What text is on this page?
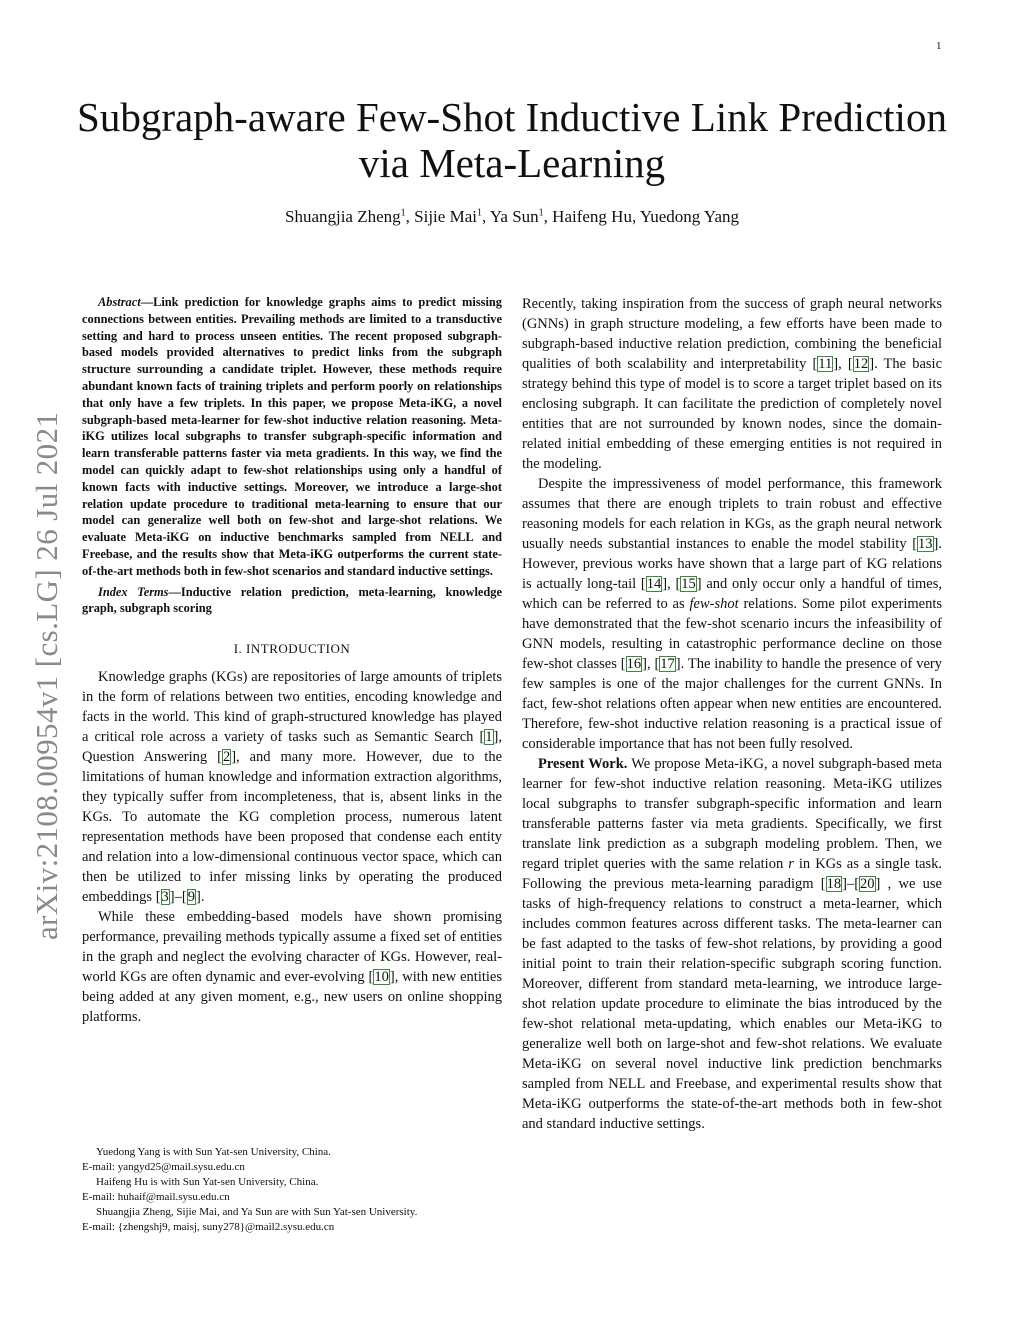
1
arXiv:2108.00954v1 [cs.LG] 26 Jul 2021
Subgraph-aware Few-Shot Inductive Link Prediction
via Meta-Learning
Shuangjia Zheng$^1$, Sijie Mai$^1$, Ya Sun$^1$, Haifeng Hu, Yuedong Yang

Abstract—Link prediction for knowledge graphs aims to predict missing connections between entities. Prevailing methods are limited to a transductive setting and hard to process unseen entities. The recent proposed subgraph-based models provided alternatives to predict links from the subgraph structure surrounding a candidate triplet. However, these methods require abundant known facts of training triplets and perform poorly on relationships that only have a few triplets. In this paper, we propose Meta-iKG, a novel subgraph-based meta-learner for few-shot inductive relation reasoning. Meta-iKG utilizes local subgraphs to transfer subgraph-specific information and learn transferable patterns faster via meta gradients. In this way, we find the model can quickly adapt to few-shot relationships using only a handful of known facts with inductive settings. Moreover, we introduce a large-shot relation update procedure to traditional meta-learning to ensure that our model can generalize well both on few-shot and large-shot relations. We evaluate Meta-iKG on inductive benchmarks sampled from NELL and Freebase, and the results show that Meta-iKG outperforms the current state-of-the-art methods both in few-shot scenarios and standard inductive settings.

Index Terms—Inductive relation prediction, meta-learning, knowledge graph, subgraph scoring

I. INTRODUCTION

Knowledge graphs (KGs) are repositories of large amounts of triplets in the form of relations between two entities, encoding knowledge and facts in the world. This kind of graph-structured knowledge has played a critical role across a variety of tasks such as Semantic Search [1], Question Answering [2], and many more. However, due to the limitations of human knowledge and information extraction algorithms, they typically suffer from incompleteness, that is, absent links in the KGs. To automate the KG completion process, numerous latent representation methods have been proposed that condense each entity and relation into a low-dimensional continuous vector space, which can then be utilized to infer missing links by operating the produced embeddings [3]–[9].

While these embedding-based models have shown promising performance, prevailing methods typically assume a fixed set of entities in the graph and neglect the evolving character of KGs. However, real-world KGs are often dynamic and ever-evolving [10], with new entities being added at any given moment, e.g., new users on online shopping platforms.

Recently, taking inspiration from the success of graph neural networks (GNNs) in graph structure modeling, a few efforts have been made to subgraph-based inductive relation prediction, combining the beneficial qualities of both scalability and interpretability [11], [12]. The basic strategy behind this type of model is to score a target triplet based on its enclosing subgraph. It can facilitate the prediction of completely novel entities that are not surrounded by known nodes, since the domain-related initial embedding of these emerging entities is not required in the modeling.

Despite the impressiveness of model performance, this framework assumes that there are enough triplets to train robust and effective reasoning models for each relation in KGs, as the graph neural network usually needs substantial instances to enable the model stability [13]. However, previous works have shown that a large part of KG relations is actually long-tail [14], [15] and only occur only a handful of times, which can be referred to as few-shot relations. Some pilot experiments have demonstrated that the few-shot scenario incurs the infeasibility of GNN models, resulting in catastrophic performance decline on those few-shot classes [16], [17]. The inability to handle the presence of very few samples is one of the major challenges for the current GNNs. In fact, few-shot relations often appear when new entities are encountered. Therefore, few-shot inductive relation reasoning is a practical issue of considerable importance that has not been fully resolved.

Present Work. We propose Meta-iKG, a novel subgraph-based meta learner for few-shot inductive relation reasoning. Meta-iKG utilizes local subgraphs to transfer subgraph-specific information and learn transferable patterns faster via meta gradients. Specifically, we first translate link prediction as a subgraph modeling problem. Then, we regard triplet queries with the same relation r in KGs as a single task. Following the previous meta-learning paradigm [18]–[20] , we use tasks of high-frequency relations to construct a meta-learner, which includes common features across different tasks. The meta-learner can be fast adapted to the tasks of few-shot relations, by providing a good initial point to train their relation-specific subgraph scoring function. Moreover, different from standard meta-learning, we introduce large-shot relation update procedure to eliminate the bias introduced by the few-shot relational meta-updating, which enables our Meta-iKG to generalize well both on large-shot and few-shot relations. We evaluate Meta-iKG on several novel inductive link prediction benchmarks sampled from NELL and Freebase, and experimental results show that Meta-iKG outperforms the state-of-the-art methods both in few-shot and standard inductive settings.

Yuedong Yang is with Sun Yat-sen University, China.

E-mail: yangyd25@mail.sysu.edu.cn

Haifeng Hu is with Sun Yat-sen University, China.

E-mail: huhaif@mail.sysu.edu.cn

Shuangjia Zheng, Sijie Mai, and Ya Sun are with Sun Yat-sen University.

E-mail: {zhengshj9, maisj, suny278}@mail2.sysu.edu.cn
